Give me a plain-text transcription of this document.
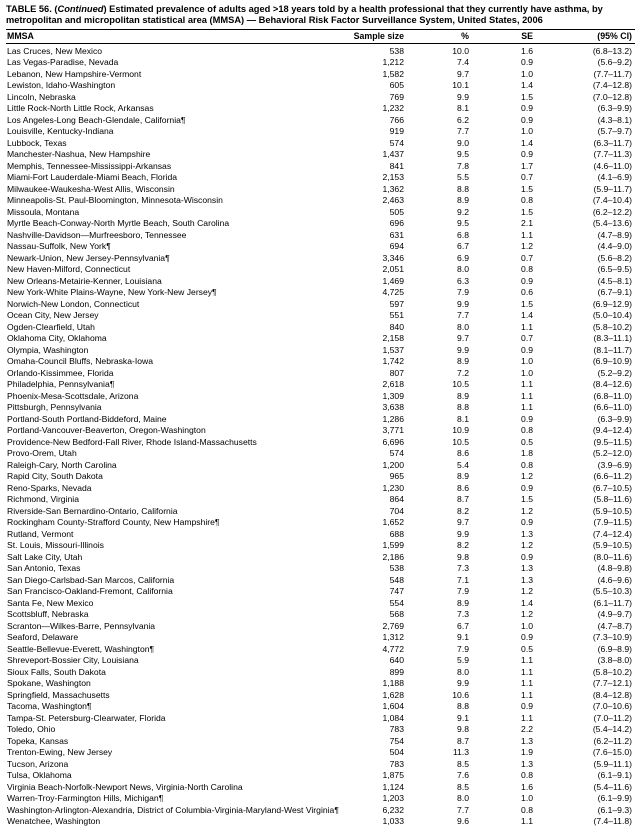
TABLE 56. (Continued) Estimated prevalence of adults aged >18 years told by a health professional that they currently have asthma, by metropolitan and micropolitan statistical area (MMSA) — Behavioral Risk Factor Surveillance System, United States, 2006
MMSA	Sample size	%	SE	(95% CI)
Las Cruces, New Mexico	538	10.0	1.6	(6.8–13.2)
Las Vegas-Paradise, Nevada	1,212	7.4	0.9	(5.6–9.2)
Lebanon, New Hampshire-Vermont	1,582	9.7	1.0	(7.7–11.7)
Lewiston, Idaho-Washington	605	10.1	1.4	(7.4–12.8)
Lincoln, Nebraska	769	9.9	1.5	(7.0–12.8)
Little Rock-North Little Rock, Arkansas	1,232	8.1	0.9	(6.3–9.9)
Los Angeles-Long Beach-Glendale, California¶	766	6.2	0.9	(4.3–8.1)
Louisville, Kentucky-Indiana	919	7.7	1.0	(5.7–9.7)
Lubbock, Texas	574	9.0	1.4	(6.3–11.7)
Manchester-Nashua, New Hampshire	1,437	9.5	0.9	(7.7–11.3)
Memphis, Tennessee-Mississippi-Arkansas	841	7.8	1.7	(4.6–11.0)
Miami-Fort Lauderdale-Miami Beach, Florida	2,153	5.5	0.7	(4.1–6.9)
Milwaukee-Waukesha-West Allis, Wisconsin	1,362	8.8	1.5	(5.9–11.7)
Minneapolis-St. Paul-Bloomington, Minnesota-Wisconsin	2,463	8.9	0.8	(7.4–10.4)
Missoula, Montana	505	9.2	1.5	(6.2–12.2)
Myrtle Beach-Conway-North Myrtle Beach, South Carolina	696	9.5	2.1	(5.4–13.6)
Nashville-Davidson—Murfreesboro, Tennessee	631	6.8	1.1	(4.7–8.9)
Nassau-Suffolk, New York¶	694	6.7	1.2	(4.4–9.0)
Newark-Union, New Jersey-Pennsylvania¶	3,346	6.9	0.7	(5.6–8.2)
New Haven-Milford, Connecticut	2,051	8.0	0.8	(6.5–9.5)
New Orleans-Metairie-Kenner, Louisiana	1,469	6.3	0.9	(4.5–8.1)
New York-White Plains-Wayne, New York-New Jersey¶	4,725	7.9	0.6	(6.7–9.1)
Norwich-New London, Connecticut	597	9.9	1.5	(6.9–12.9)
Ocean City, New Jersey	551	7.7	1.4	(5.0–10.4)
Ogden-Clearfield, Utah	840	8.0	1.1	(5.8–10.2)
Oklahoma City, Oklahoma	2,158	9.7	0.7	(8.3–11.1)
Olympia, Washington	1,537	9.9	0.9	(8.1–11.7)
Omaha-Council Bluffs, Nebraska-Iowa	1,742	8.9	1.0	(6.9–10.9)
Orlando-Kissimmee, Florida	807	7.2	1.0	(5.2–9.2)
Philadelphia, Pennsylvania¶	2,618	10.5	1.1	(8.4–12.6)
Phoenix-Mesa-Scottsdale, Arizona	1,309	8.9	1.1	(6.8–11.0)
Pittsburgh, Pennsylvania	3,638	8.8	1.1	(6.6–11.0)
Portland-South Portland-Biddeford, Maine	1,286	8.1	0.9	(6.3–9.9)
Portland-Vancouver-Beaverton, Oregon-Washington	3,771	10.9	0.8	(9.4–12.4)
Providence-New Bedford-Fall River, Rhode Island-Massachusetts	6,696	10.5	0.5	(9.5–11.5)
Provo-Orem, Utah	574	8.6	1.8	(5.2–12.0)
Raleigh-Cary, North Carolina	1,200	5.4	0.8	(3.9–6.9)
Rapid City, South Dakota	965	8.9	1.2	(6.6–11.2)
Reno-Sparks, Nevada	1,230	8.6	0.9	(6.7–10.5)
Richmond, Virginia	864	8.7	1.5	(5.8–11.6)
Riverside-San Bernardino-Ontario, California	704	8.2	1.2	(5.9–10.5)
Rockingham County-Strafford County, New Hampshire¶	1,652	9.7	0.9	(7.9–11.5)
Rutland, Vermont	688	9.9	1.3	(7.4–12.4)
St. Louis, Missouri-Illinois	1,599	8.2	1.2	(5.9–10.5)
Salt Lake City, Utah	2,186	9.8	0.9	(8.0–11.6)
San Antonio, Texas	538	7.3	1.3	(4.8–9.8)
San Diego-Carlsbad-San Marcos, California	548	7.1	1.3	(4.6–9.6)
San Francisco-Oakland-Fremont, California	747	7.9	1.2	(5.5–10.3)
Santa Fe, New Mexico	554	8.9	1.4	(6.1–11.7)
Scottsbluff, Nebraska	568	7.3	1.2	(4.9–9.7)
Scranton—Wilkes-Barre, Pennsylvania	2,769	6.7	1.0	(4.7–8.7)
Seaford, Delaware	1,312	9.1	0.9	(7.3–10.9)
Seattle-Bellevue-Everett, Washington¶	4,772	7.9	0.5	(6.9–8.9)
Shreveport-Bossier City, Louisiana	640	5.9	1.1	(3.8–8.0)
Sioux Falls, South Dakota	899	8.0	1.1	(5.8–10.2)
Spokane, Washington	1,188	9.9	1.1	(7.7–12.1)
Springfield, Massachusetts	1,628	10.6	1.1	(8.4–12.8)
Tacoma, Washington¶	1,604	8.8	0.9	(7.0–10.6)
Tampa-St. Petersburg-Clearwater, Florida	1,084	9.1	1.1	(7.0–11.2)
Toledo, Ohio	783	9.8	2.2	(5.4–14.2)
Topeka, Kansas	754	8.7	1.3	(6.2–11.2)
Trenton-Ewing, New Jersey	504	11.3	1.9	(7.6–15.0)
Tucson, Arizona	783	8.5	1.3	(5.9–11.1)
Tulsa, Oklahoma	1,875	7.6	0.8	(6.1–9.1)
Virginia Beach-Norfolk-Newport News, Virginia-North Carolina	1,124	8.5	1.6	(5.4–11.6)
Warren-Troy-Farmington Hills, Michigan¶	1,203	8.0	1.0	(6.1–9.9)
Washington-Arlington-Alexandria, District of Columbia-Virginia-Maryland-West Virginia¶	6,232	7.7	0.8	(6.1–9.3)
Wenatchee, Washington	1,033	9.6	1.1	(7.4–11.8)
